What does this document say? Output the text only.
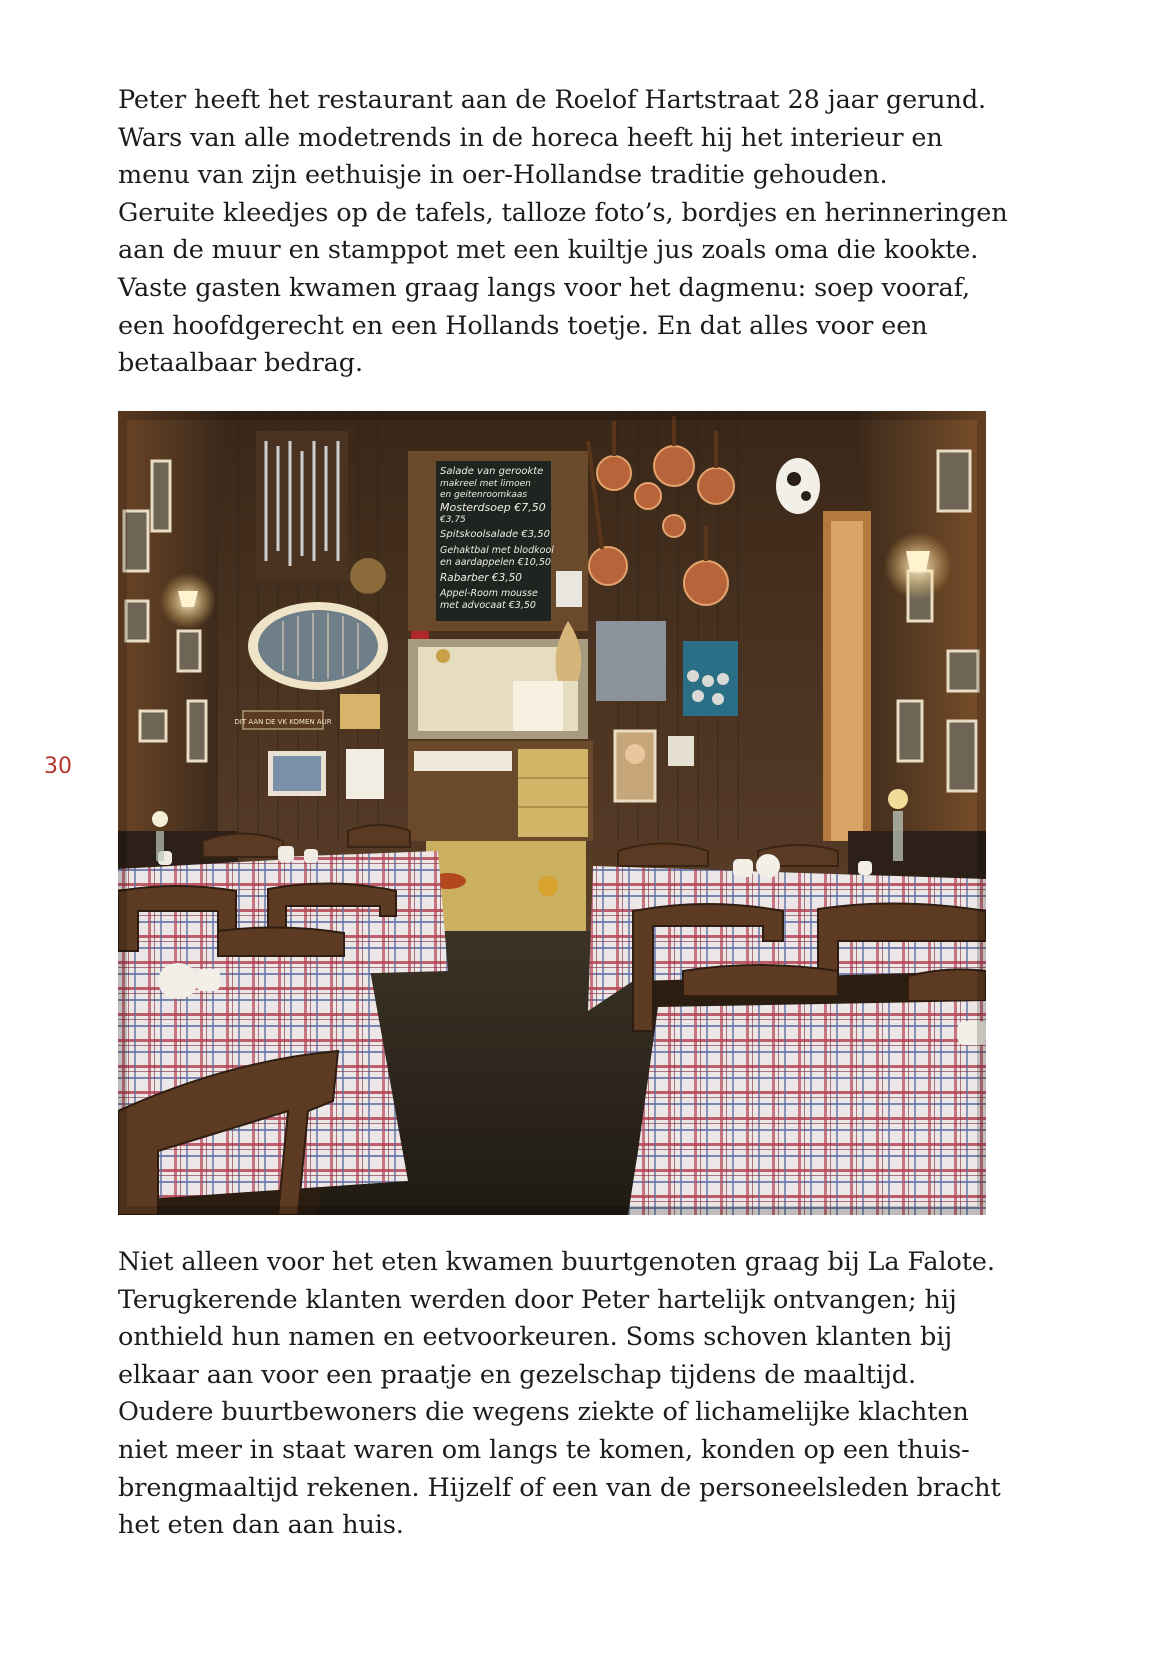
Peter heeft het restaurant aan de Roelof Hartstraat 28 jaar gerund.
Wars van alle modetrends in de horeca heeft hij het interieur en
menu van zijn eethuisje in oer-Hollandse traditie gehouden.
Geruite kleedjes op de tafels, talloze foto’s, bordjes en herinneringen
aan de muur en stamppot met een kuiltje jus zoals oma die kookte.
Vaste gasten kwamen graag langs voor het dagmenu: soep vooraf,
een hoofdgerecht en een Hollands toetje. En dat alles voor een
betaalbaar bedrag.

30
DIT AAN DE VK KOMEN AUR
Salade van gerookte
makreel met limoen
en geitenroomkaas
Mosterdsoep €7,50
€3,75
Spitskoolsalade €3,50
Gehaktbal met blodkool
en aardappelen €10,50
Rabarber €3,50
Appel-Room mousse
met advocaat €3,50

Niet alleen voor het eten kwamen buurtgenoten graag bij La Falote.
Terugkerende klanten werden door Peter hartelijk ontvangen; hij
onthield hun namen en eetvoorkeuren. Soms schoven klanten bij
elkaar aan voor een praatje en gezelschap tijdens de maaltijd.
Oudere buurtbewoners die wegens ziekte of lichamelijke klachten
niet meer in staat waren om langs te komen, konden op een thuis-
brengmaaltijd rekenen. Hijzelf of een van de personeelsleden bracht
het eten dan aan huis.
